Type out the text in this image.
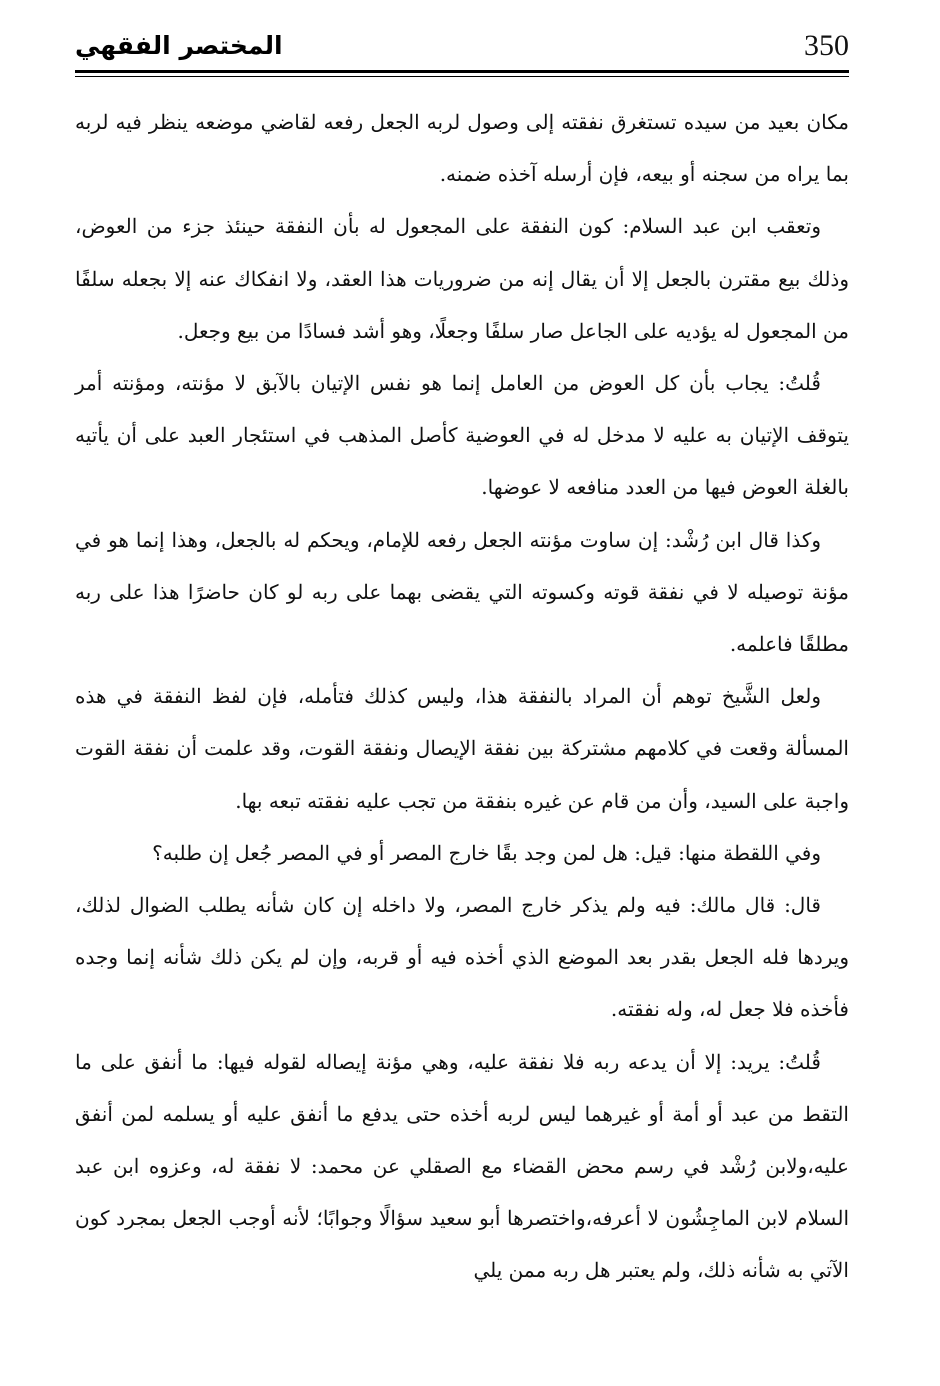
350
المختصر الفقهي

مكان بعيد من سيده تستغرق نفقته إلى وصول لربه الجعل رفعه لقاضي موضعه ينظر فيه لربه بما يراه من سجنه أو بيعه، فإن أرسله آخذه ضمنه.

وتعقب ابن عبد السلام: كون النفقة على المجعول له بأن النفقة حينئذ جزء من العوض، وذلك بيع مقترن بالجعل إلا أن يقال إنه من ضروريات هذا العقد، ولا انفكاك عنه إلا بجعله سلفًا من المجعول له يؤديه على الجاعل صار سلفًا وجعلًا، وهو أشد فسادًا من بيع وجعل.

قُلتُ: يجاب بأن كل العوض من العامل إنما هو نفس الإتيان بالآبق لا مؤنته، ومؤنته أمر يتوقف الإتيان به عليه لا مدخل له في العوضية كأصل المذهب في استئجار العبد على أن يأتيه بالغلة العوض فيها من العدد منافعه لا عوضها.

وكذا قال ابن رُشْد: إن ساوت مؤنته الجعل رفعه للإمام، ويحكم له بالجعل، وهذا إنما هو في مؤنة توصيله لا في نفقة قوته وكسوته التي يقضى بهما على ربه لو كان حاضرًا هذا على ربه مطلقًا فاعلمه.

ولعل الشَّيخ توهم أن المراد بالنفقة هذا، وليس كذلك فتأمله، فإن لفظ النفقة في هذه المسألة وقعت في كلامهم مشتركة بين نفقة الإيصال ونفقة القوت، وقد علمت أن نفقة القوت واجبة على السيد، وأن من قام عن غيره بنفقة من تجب عليه نفقته تبعه بها.

وفي اللقطة منها: قيل: هل لمن وجد بقًا خارج المصر أو في المصر جُعل إن طلبه؟

قال: قال مالك: فيه ولم يذكر خارج المصر، ولا داخله إن كان شأنه يطلب الضوال لذلك، ويردها فله الجعل بقدر بعد الموضع الذي أخذه فيه أو قربه، وإن لم يكن ذلك شأنه إنما وجده فأخذه فلا جعل له، وله نفقته.

قُلتُ: يريد: إلا أن يدعه ربه فلا نفقة عليه، وهي مؤنة إيصاله لقوله فيها: ما أنفق على ما التقط من عبد أو أمة أو غيرهما ليس لربه أخذه حتى يدفع ما أنفق عليه أو يسلمه لمن أنفق عليه،ولابن رُشْد في رسم محض القضاء مع الصقلي عن محمد: لا نفقة له، وعزوه ابن عبد السلام لابن الماجِشُون لا أعرفه،واختصرها أبو سعيد سؤالًا وجوابًا؛ لأنه أوجب الجعل بمجرد كون الآتي به شأنه ذلك، ولم يعتبر هل ربه ممن يلي
